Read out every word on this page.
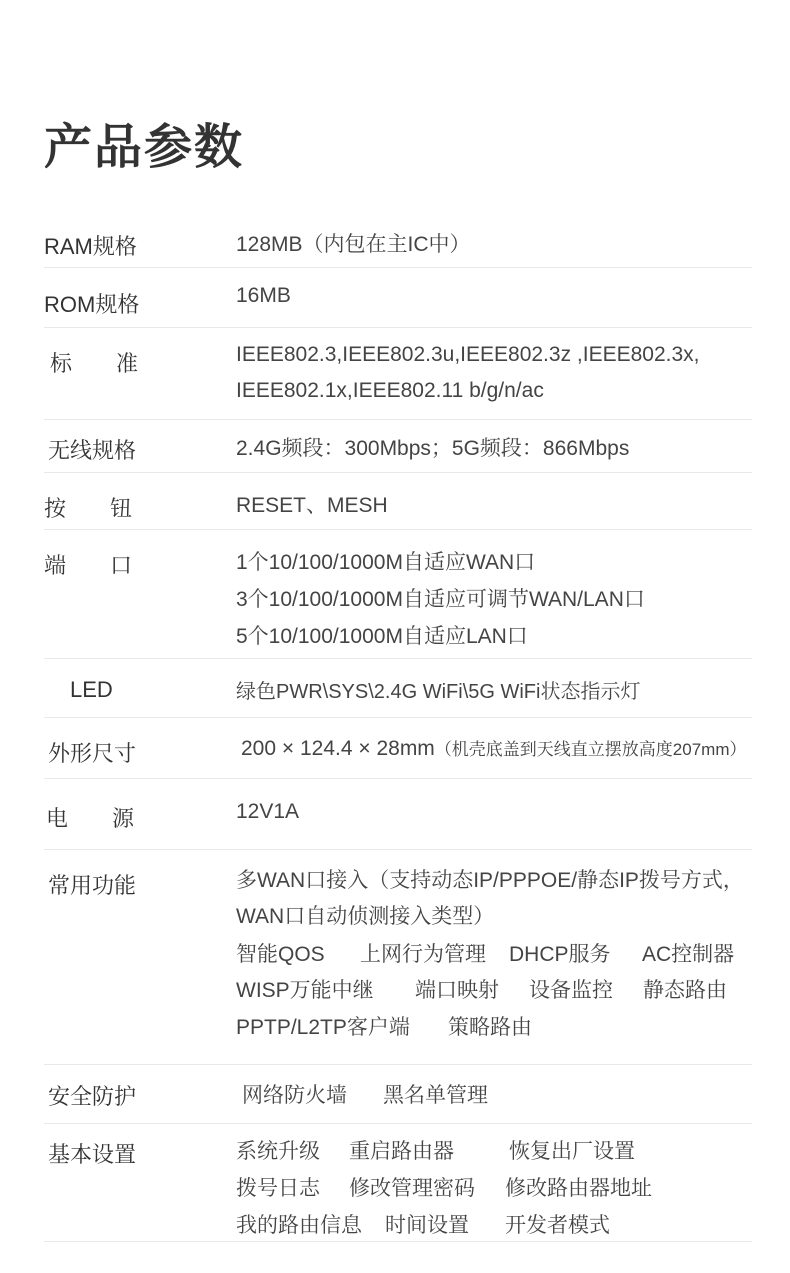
产品参数
RAM规格	128MB（内包在主IC中）
ROM规格	16MB
标　　准	IEEE802.3,IEEE802.3u,IEEE802.3z ,IEEE802.3x,
IEEE802.1x,IEEE802.11 b/g/n/ac
无线规格	2.4G频段：300Mbps；5G频段：866Mbps
按　　钮	RESET、MESH
端　　口	1个10/100/1000M自适应WAN口
3个10/100/1000M自适应可调节WAN/LAN口
5个10/100/1000M自适应LAN口
LED	绿色PWR\SYS\2.4G WiFi\5G WiFi状态指示灯
外形尺寸	200 × 124.4 × 28mm（机壳底盖到天线直立摆放高度207mm）
电　　源	12V1A
常用功能	多WAN口接入（支持动态IP/PPPOE/静态IP拨号方式，
WAN口自动侦测接入类型）
智能QOS 上网行为管理 DHCP服务 AC控制器
WISP万能中继 端口映射 设备监控 静态路由
PPTP/L2TP客户端 策略路由
安全防护	网络防火墙 黑名单管理
基本设置	系统升级 重启路由器	恢复出厂设置
拨号日志 修改管理密码 修改路由器地址
我的路由信息 时间设置 开发者模式
